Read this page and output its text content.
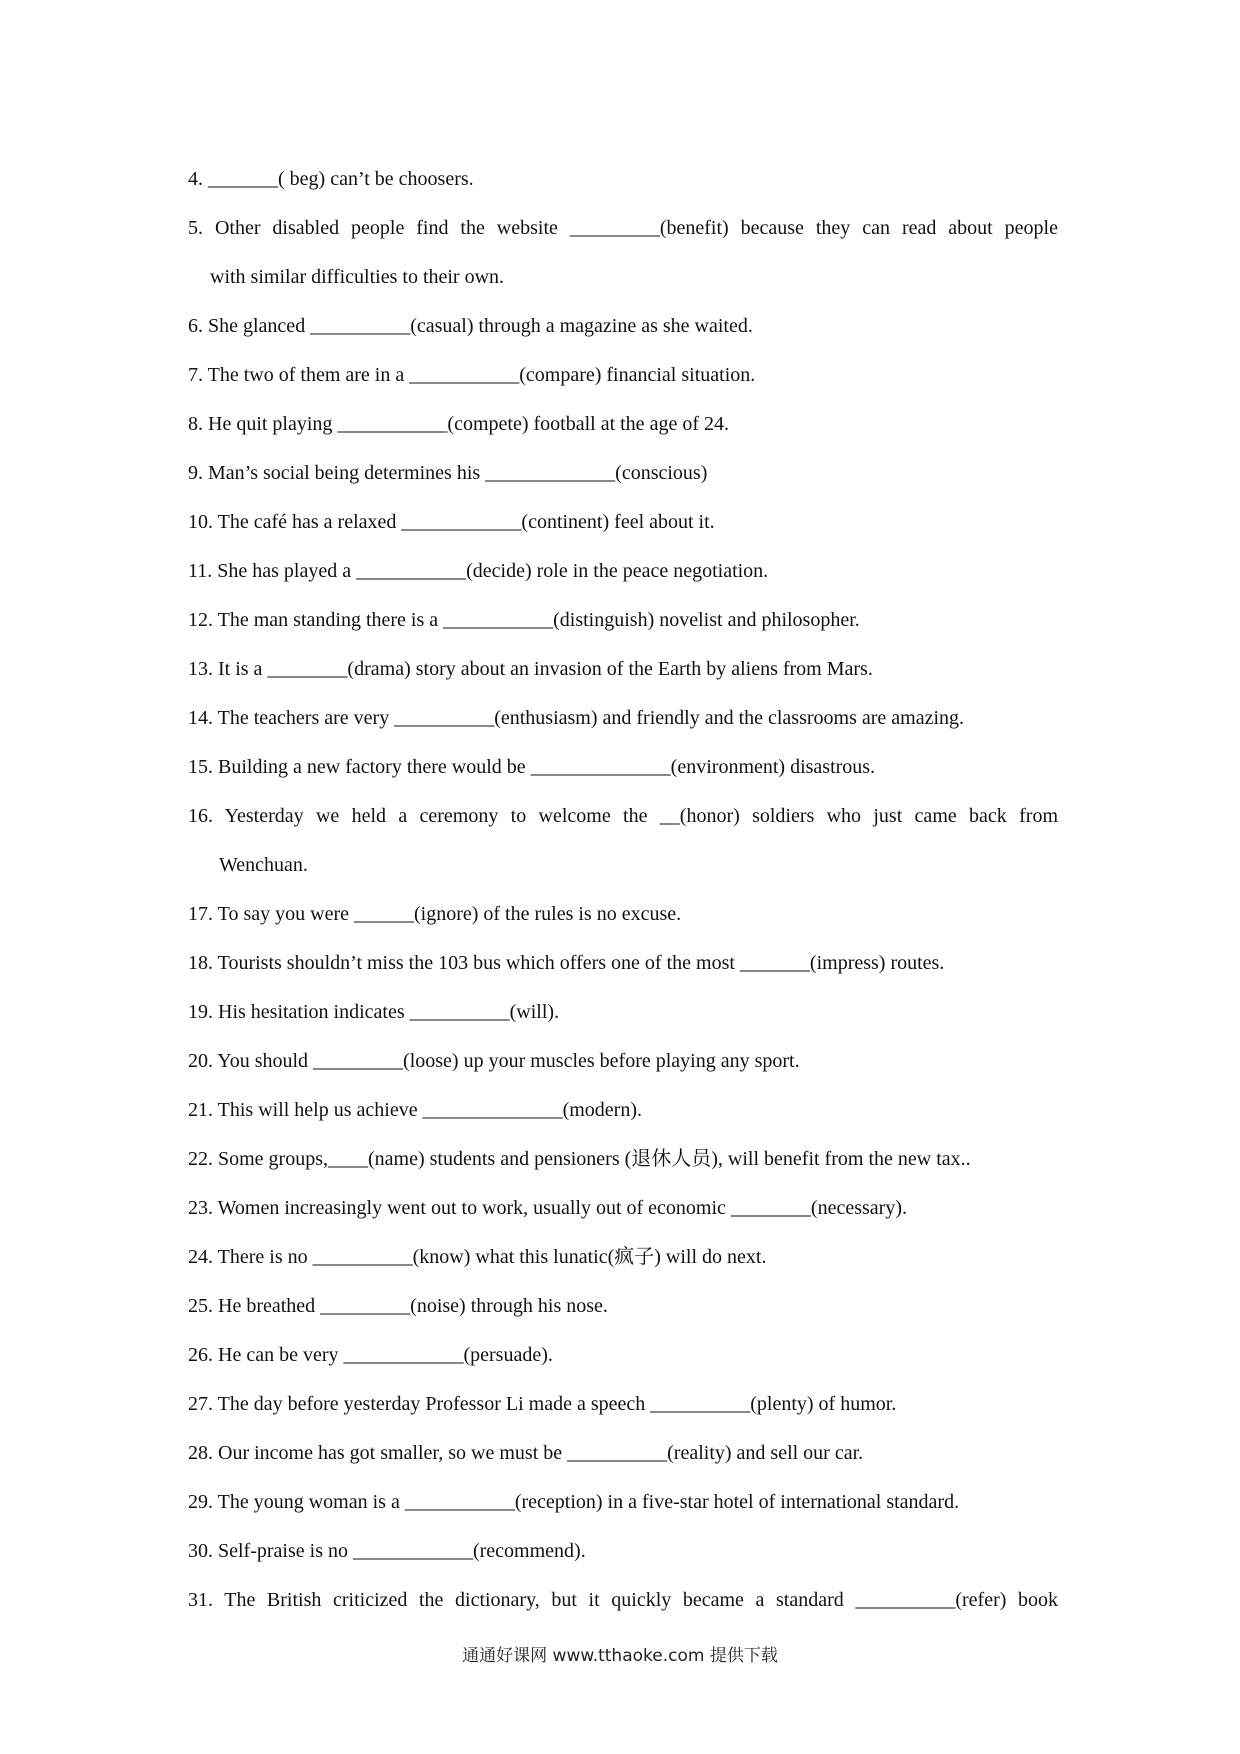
4. _______( beg) can’t be choosers.
5. Other disabled people find the website _________(benefit) because they can read about people
with similar difficulties to their own.
6. She glanced __________(casual) through a magazine as she waited.
7. The two of them are in a ___________(compare) financial situation.
8. He quit playing ___________(compete) football at the age of 24.
9. Man’s social being determines his _____________(conscious)
10. The café has a relaxed ____________(continent) feel about it.
11. She has played a ___________(decide) role in the peace negotiation.
12. The man standing there is a ___________(distinguish) novelist and philosopher.
13. It is a ________(drama) story about an invasion of the Earth by aliens from Mars.
14. The teachers are very __________(enthusiasm) and friendly and the classrooms are amazing.
15. Building a new factory there would be ______________(environment) disastrous.
16. Yesterday we held a ceremony to welcome the __(honor) soldiers who just came back from
Wenchuan.
17. To say you were ______(ignore) of the rules is no excuse.
18. Tourists shouldn’t miss the 103 bus which offers one of the most _______(impress) routes.
19. His hesitation indicates __________(will).
20. You should _________(loose) up your muscles before playing any sport.
21. This will help us achieve ______________(modern).
22. Some groups,____(name) students and pensioners (退休人员), will benefit from the new tax..
23. Women increasingly went out to work, usually out of economic ________(necessary).
24. There is no __________(know) what this lunatic(疯子) will do next.
25. He breathed _________(noise) through his nose.
26. He can be very ____________(persuade).
27. The day before yesterday Professor Li made a speech __________(plenty) of humor.
28. Our income has got smaller, so we must be __________(reality) and sell our car.
29. The young woman is a ___________(reception) in a five-star hotel of international standard.
30. Self-praise is no ____________(recommend).
31. The British criticized the dictionary, but it quickly became a standard __________(refer) book
通通好课网 www.tthaoke.com 提供下载
